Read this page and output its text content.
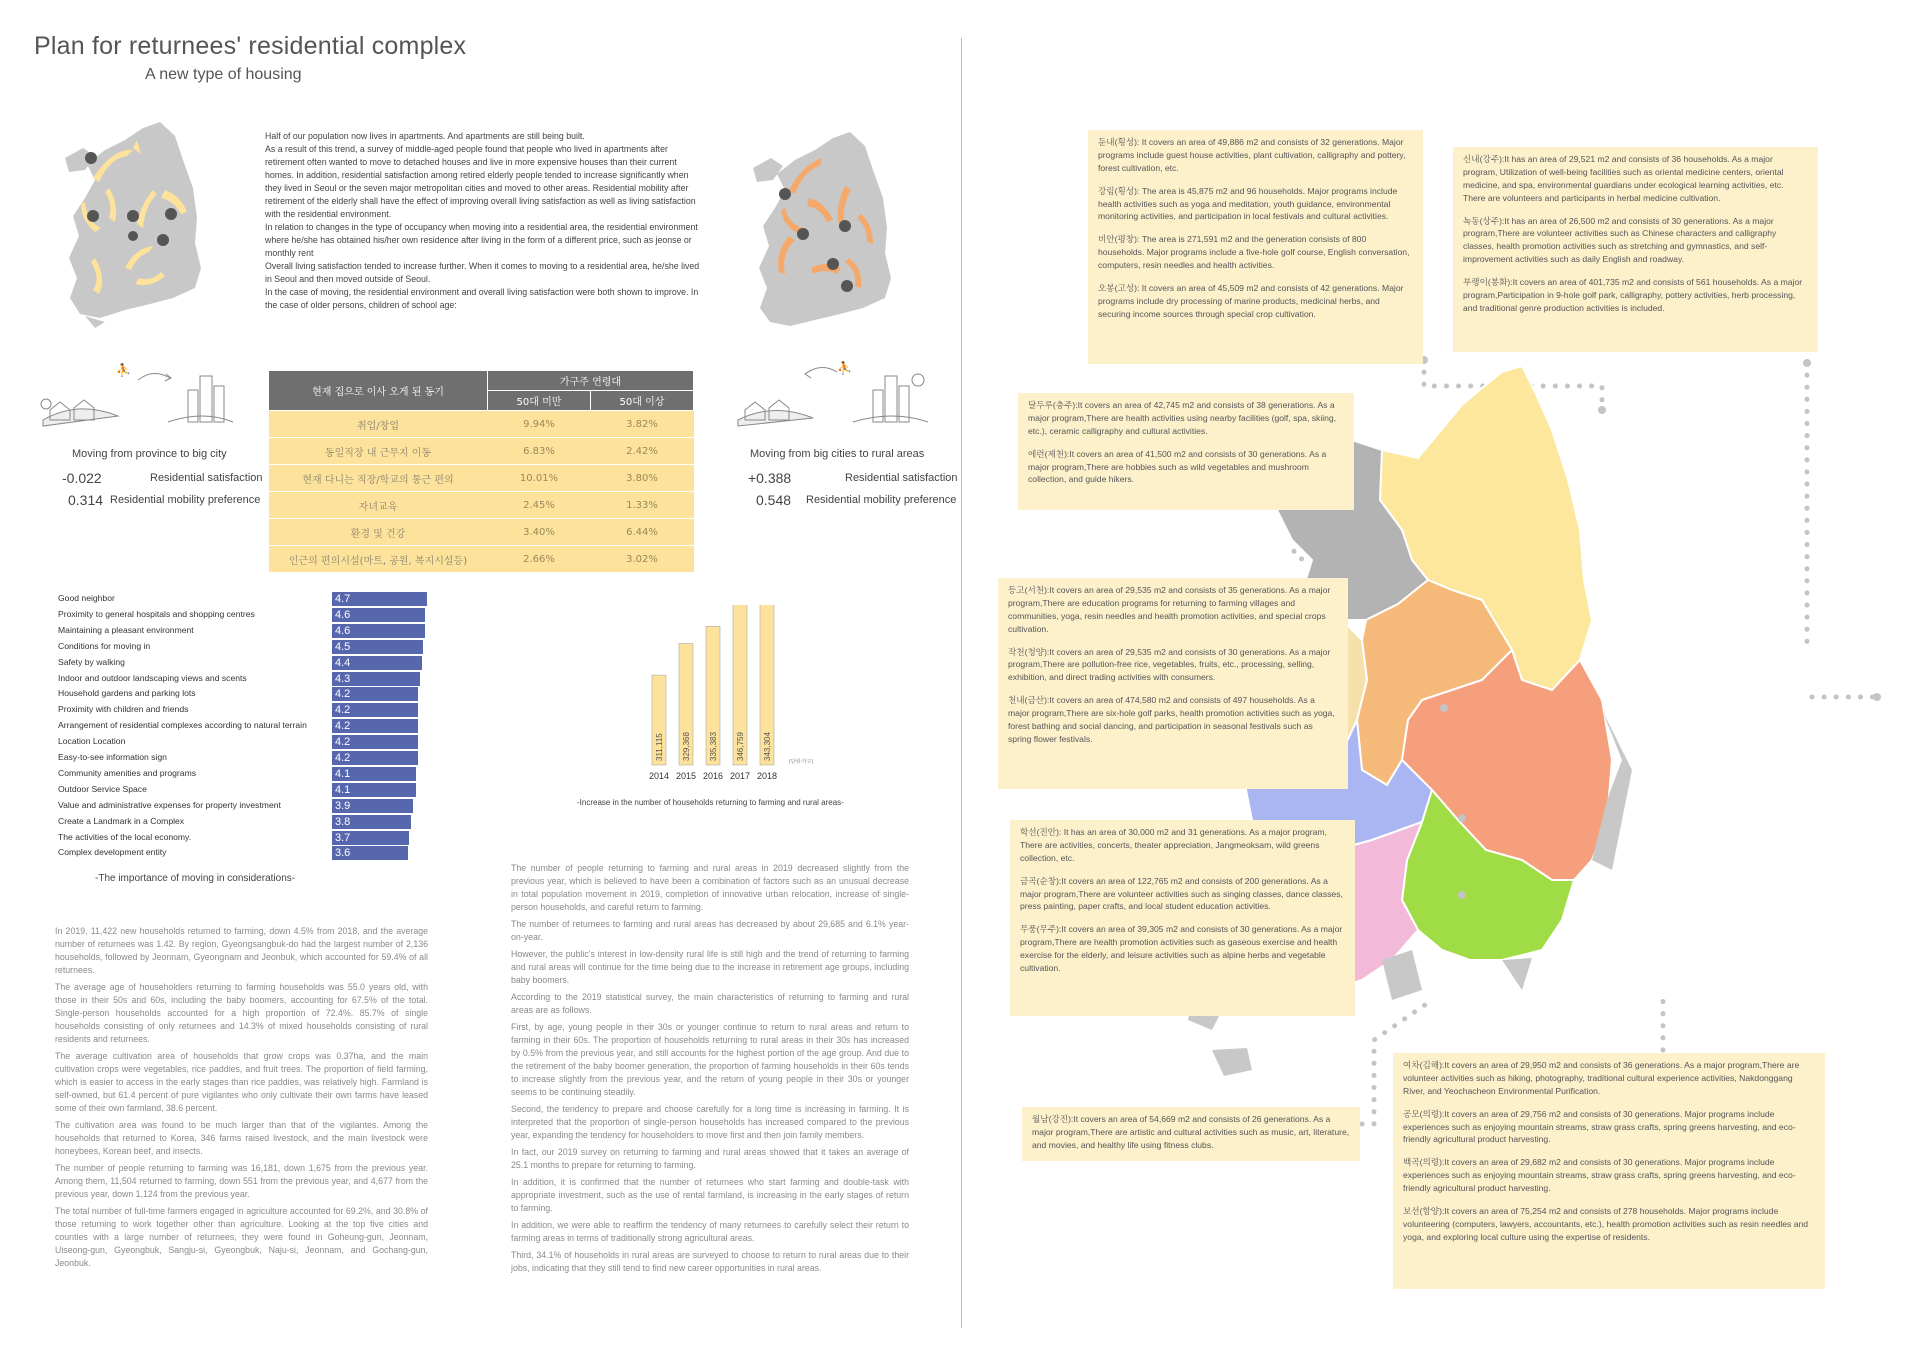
Plan for returnees' residential complex
A new type of housing

Half of our population now lives in apartments. And apartments are still being built.

As a result of this trend, a survey of middle-aged people found that people who lived in apartments after retirement often wanted to move to detached houses and live in more expensive houses than their current homes. In addition, residential satisfaction among retired elderly people tended to increase significantly when they lived in Seoul or the seven major metropolitan cities and moved to other areas. Residential mobility after retirement of the elderly shall have the effect of improving overall living satisfaction as well as living satisfaction with the residential environment.

In relation to changes in the type of occupancy when moving into a residential area, the residential environment where he/she has obtained his/her own residence after living in the form of a different price, such as jeonse or monthly rent

Overall living satisfaction tended to increase further. When it comes to moving to a residential area, he/she lived in Seoul and then moved outside of Seoul.

In the case of moving, the residential environment and overall living satisfaction were both shown to improve. In the case of older persons, children of school age:

⛹	⛹
Moving from province to big city
-0.022	Residential satisfaction
0.314 Residential mobility preference
현재 집으로 이사 오게 된 동기	가구주 연령대	
	50대 미만	50대 이상
취업/창업	9.94%	3.82%
동일직장 내 근무지 이동	6.83%	2.42%
현재 다니는 직장/학교의 통근 편의	10.01%	3.80%
자녀교육	2.45%	1.33%
환경 및 건강	3.40%	6.44%
인근의 편의시설(마트, 공원, 복지시설등)	2.66%	3.02%
Moving from big cities to rural areas
+0.388	Residential satisfaction
0.548 Residential mobility preference
Good neighbor	4.7
Proximity to general hospitals and shopping centres	4.6
Maintaining a pleasant environment	4.6
Conditions for moving in	4.5
Safety by walking	4.4
Indoor and outdoor landscaping views and scents	4.3
Household gardens and parking lots	4.2
Proximity with children and friends	4.2
Arrangement of residential complexes according to natural terrain	4.2
Location Location	4.2
Easy-to-see information sign	4.2
Community amenities and programs	4.1
Outdoor Service Space	4.1
Value and administrative expenses for property investment	3.9
Create a Landmark in a Complex	3.8
The activities of the local economy.	3.7
Complex development entity	3.6
-The importance of moving in considerations-
311,115
2014
329,368
2015
335,383
2016
346,759
2017
343,304
2018
(단위:가구)
-Increase in the number of households returning to farming and rural areas-

In 2019, 11,422 new households returned to farming, down 4.5% from 2018, and the average number of returnees was 1.42. By region, Gyeongsangbuk-do had the largest number of 2,136 households, followed by Jeonnam, Gyeongnam and Jeonbuk, which accounted for 59.4% of all returnees.

The average age of householders returning to farming households was 55.0 years old, with those in their 50s and 60s, including the baby boomers, accounting for 67.5% of the total. Single-person households accounted for a high proportion of 72.4%. 85.7% of single households consisting of only returnees and 14.3% of mixed households consisting of rural residents and returnees.

The average cultivation area of households that grow crops was 0.37ha, and the main cultivation crops were vegetables, rice paddies, and fruit trees. The proportion of field farming, which is easier to access in the early stages than rice paddies, was relatively high. Farmland is self-owned, but 61.4 percent of pure vigilantes who only cultivate their own farms have leased some of their own farmland, 38.6 percent.

The cultivation area was found to be much larger than that of the vigilantes. Among the households that returned to Korea, 346 farms raised livestock, and the main livestock were honeybees, Korean beef, and insects.

The number of people returning to farming was 16,181, down 1,675 from the previous year. Among them, 11,504 returned to farming, down 551 from the previous year, and 4,677 from the previous year, down 1,124 from the previous year.

The total number of full-time farmers engaged in agriculture accounted for 69.2%, and 30.8% of those returning to work together other than agriculture. Looking at the top five cities and counties with a large number of returnees, they were found in Goheung-gun, Jeonnam, Uiseong-gun, Gyeongbuk, Sangju-si, Gyeongbuk, Naju-si, Jeonnam, and Gochang-gun, Jeonbuk.

The number of people returning to farming and rural areas in 2019 decreased slightly from the previous year, which is believed to have been a combination of factors such as an unusual decrease in total population movement in 2019, completion of innovative urban relocation, increase of single-person households, and careful return to farming.

The number of returnees to farming and rural areas has decreased by about 29,685 and 6.1% year-on-year.

However, the public's interest in low-density rural life is still high and the trend of returning to farming and rural areas will continue for the time being due to the increase in retirement age groups, including baby boomers.

According to the 2019 statistical survey, the main characteristics of returning to farming and rural areas are as follows.

First, by age, young people in their 30s or younger continue to return to rural areas and return to farming in their 60s. The proportion of households returning to rural areas in their 30s has increased by 0.5% from the previous year, and still accounts for the highest portion of the age group. And due to the retirement of the baby boomer generation, the proportion of farming households in their 60s tends to increase slightly from the previous year, and the return of young people in their 30s or younger seems to be continuing steadily.

Second, the tendency to prepare and choose carefully for a long time is increasing in farming. It is interpreted that the proportion of single-person households has increased compared to the previous year, expanding the tendency for householders to move first and then join family members.

In fact, our 2019 survey on returning to farming and rural areas showed that it takes an average of 25.1 months to prepare for returning to farming.

In addition, it is confirmed that the number of returnees who start farming and double-task with appropriate investment, such as the use of rental farmland, is increasing in the early stages of return to farming.

In addition, we were able to reaffirm the tendency of many returnees to carefully select their return to farming areas in terms of traditionally strong agricultural areas.

Third, 34.1% of households in rural areas are surveyed to choose to return to rural areas due to their jobs, indicating that they still tend to find new career opportunities in rural areas.

둔내(횡성): It covers an area of 49,886 m2 and consists of 32 generations. Major programs include guest house activities, plant cultivation, calligraphy and pottery, forest cultivation, etc.

강림(횡성): The area is 45,875 m2 and 96 households. Major programs include health activities such as yoga and meditation, youth guidance, environmental monitoring activities, and participation in local festivals and cultural activities.

비안(평창): The area is 271,591 m2 and the generation consists of 800 households. Major programs include a five-hole golf course, English conversation, computers, resin needles and health activities.

오봉(고성): It covers an area of 45,509 m2 and consists of 42 generations. Major programs include dry processing of marine products, medicinal herbs, and securing income sources through special crop cultivation.

신내(강주):It has an area of 29,521 m2 and consists of 36 households. As a major program, Utilization of well-being facilities such as oriental medicine centers, oriental medicine, and spa, environmental guardians under ecological learning activities, etc. There are volunteers and participants in herbal medicine cultivation.

녹동(상주):It has an area of 26,500 m2 and consists of 30 generations. As a major program,There are volunteer activities such as Chinese characters and calligraphy classes, health promotion activities such as stretching and gymnastics, and self-improvement activities such as daily English and roadway.

부랭이(봉화):It covers an area of 401,735 m2 and consists of 561 households. As a major program,Participation in 9-hole golf park, calligraphy, pottery activities, herb processing, and traditional genre production activities is included.

달두루(충주):It covers an area of 42,745 m2 and consists of 38 generations. As a major program,There are health activities using nearby facilities (golf, spa, skiing, etc.), ceramic calligraphy and cultural activities.

에런(제천):It covers an area of 41,500 m2 and consists of 30 generations. As a major program,There are hobbies such as wild vegetables and mushroom collection, and guide hikers.

등고(서천):It covers an area of 29,535 m2 and consists of 35 generations. As a major program,There are education programs for returning to farming villages and communities, yoga, resin needles and health promotion activities, and special crops cultivation.

작천(청양):It covers an area of 29,535 m2 and consists of 30 generations. As a major program,There are pollution-free rice, vegetables, fruits, etc., processing, selling, exhibition, and direct trading activities with consumers.

천내(금산):It covers an area of 474,580 m2 and consists of 497 households. As a major program,There are six-hole golf parks, health promotion activities such as yoga, forest bathing and social dancing, and participation in seasonal festivals such as spring flower festivals.

학선(진안): It has an area of 30,000 m2 and 31 generations. As a major program, There are activities, concerts, theater appreciation, Jangmeoksam, wild greens collection, etc.

금곡(순창):It covers an area of 122,765 m2 and consists of 200 generations. As a major program,There are volunteer activities such as singing classes, dance classes, press painting, paper crafts, and local student education activities.

무풍(무주):It covers an area of 39,305 m2 and consists of 30 generations. As a major program,There are health promotion activities such as gaseous exercise and health exercise for the elderly, and leisure activities such as alpine herbs and vegetable cultivation.

월남(강진):It covers an area of 54,669 m2 and consists of 26 generations. As a major program,There are artistic and cultural activities such as music, art, literature, and movies, and healthy life using fitness clubs.

여차(김해):It covers an area of 29,950 m2 and consists of 36 generations. As a major program,There are volunteer activities such as hiking, photography, traditional cultural experience activities, Nakdonggang River, and Yeochacheon Environmental Purification.

공모(의령):It covers an area of 29,756 m2 and consists of 30 generations. Major programs include experiences such as enjoying mountain streams, straw grass crafts, spring greens harvesting, and eco-friendly agricultural product harvesting.

백곡(의령):It covers an area of 29,682 m2 and consists of 30 generations. Major programs include experiences such as enjoying mountain streams, straw grass crafts, spring greens harvesting, and eco-friendly agricultural product harvesting.

보선(함양):It covers an area of 75,254 m2 and consists of 278 households. Major programs include volunteering (computers, lawyers, accountants, etc.), health promotion activities such as resin needles and yoga, and exploring local culture using the expertise of residents.
